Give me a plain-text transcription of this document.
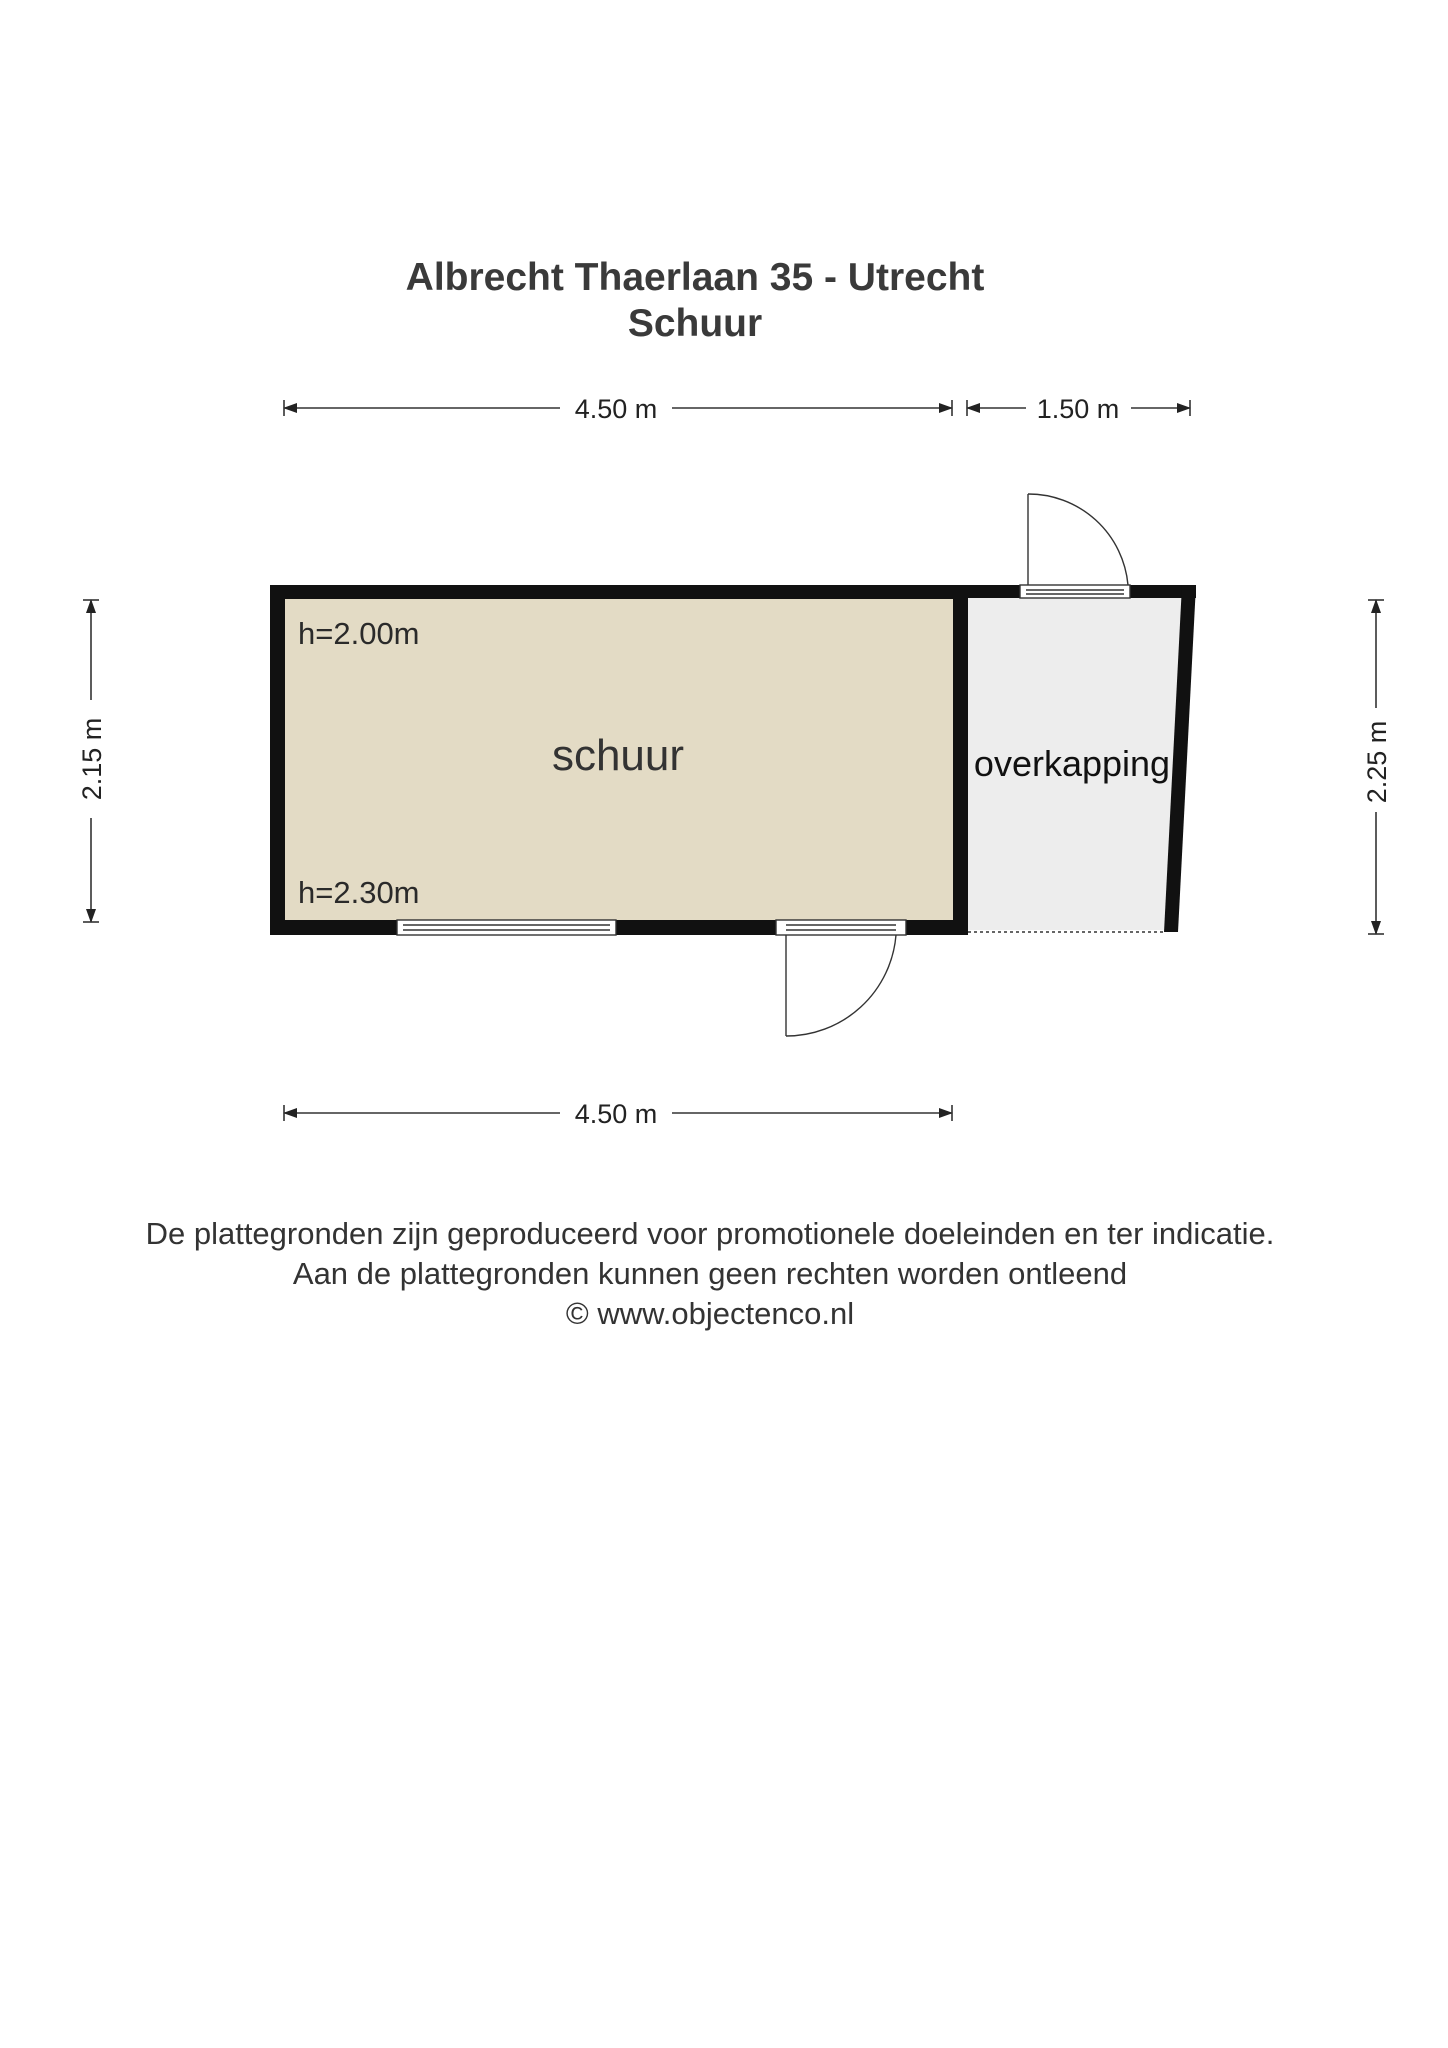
Albrecht Thaerlaan 35 - Utrecht
Schuur
4.50 m	1.50 m
2.15 m	2.25 m
h=2.00m
schuur
h=2.30m
overkapping
4.50 m
De plattegronden zijn geproduceerd voor promotionele doeleinden en ter indicatie.
Aan de plattegronden kunnen geen rechten worden ontleend
© www.objectenco.nl
